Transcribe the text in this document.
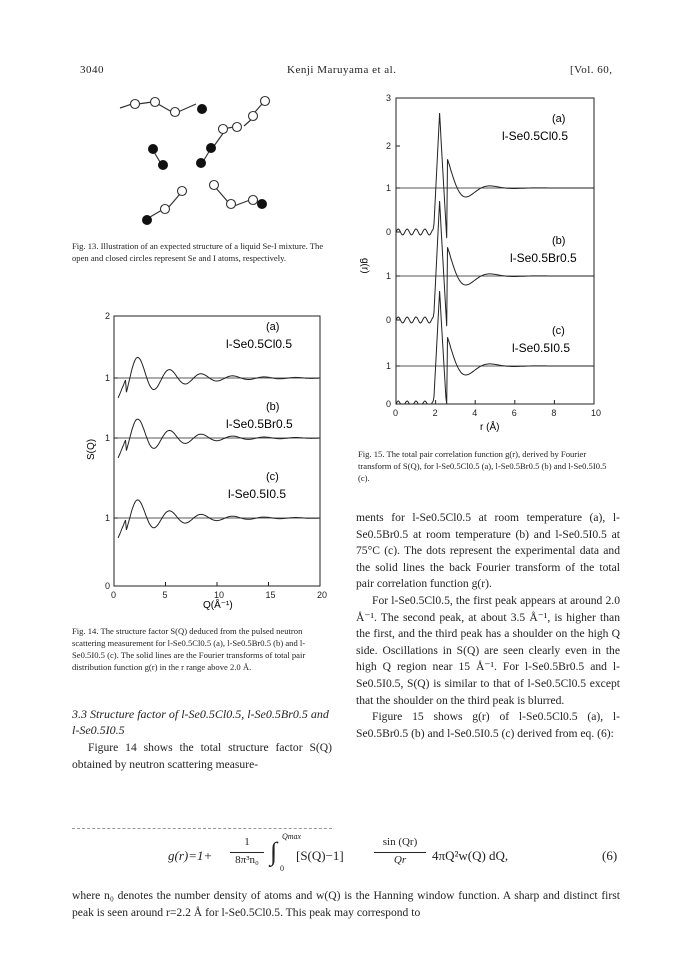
3040	Kenji Maruyama et al.	[Vol. 60,
Fig. 13. Illustration of an expected structure of a liquid Se-I mixture. The open and closed circles represent Se and I atoms, respectively.
0	5	10	15	20
0
1
1
1
2
S(Q)
Q(Å⁻¹)
(a)
l-Se0.5Cl0.5
(b)
l-Se0.5Br0.5
(c)
l-Se0.5I0.5
Fig. 14. The structure factor S(Q) deduced from the pulsed neutron scattering measurement for l-Se0.5Cl0.5 (a), l-Se0.5Br0.5 (b) and l-Se0.5I0.5 (c). The solid lines are the Fourier transforms of total pair distribution function g(r) in the r range above 2.0 Å.
3.3 Structure factor of l-Se0.5Cl0.5, l-Se0.5Br0.5 and l-Se0.5I0.5

Figure 14 shows the total structure factor S(Q) obtained by neutron scattering measure-

0	2	4	6	8	10
0
1
0
1
0
1
2
3
g(r)
r (Å)
(a)
l-Se0.5Cl0.5
(b)
l-Se0.5Br0.5
(c)
l-Se0.5I0.5
Fig. 15. The total pair correlation function g(r), derived by Fourier transform of S(Q), for l-Se0.5Cl0.5 (a), l-Se0.5Br0.5 (b) and l-Se0.5I0.5 (c).

ments for l-Se0.5Cl0.5 at room temperature (a), l-Se0.5Br0.5 at room temperature (b) and l-Se0.5I0.5 at 75°C (c). The dots represent the experimental data and the solid lines the back Fourier transform of the total pair correlation function g(r).

For l-Se0.5Cl0.5, the first peak appears at around 2.0 Å⁻¹. The second peak, at about 3.5 Å⁻¹, is higher than the first, and the third peak has a shoulder on the high Q side. Oscillations in S(Q) are seen clearly even in the high Q region near 15 Å⁻¹. For l-Se0.5Br0.5 and l-Se0.5I0.5, S(Q) is similar to that of l-Se0.5Cl0.5 except that the shoulder on the third peak is blurred.

Figure 15 shows g(r) of l-Se0.5Cl0.5 (a), l-Se0.5Br0.5 (b) and l-Se0.5I0.5 (c) derived from eq. (6):

g(r)=1+
1
8π³n₀ ∫
Qmax
0
[S(Q)−1]
sin (Qr)
Qr	4πQ²w(Q) dQ,	(6)
where n₀ denotes the number density of atoms and w(Q) is the Hanning window function. A sharp and distinct first peak is seen around r=2.2 Å for l-Se0.5Cl0.5. This peak may correspond to
